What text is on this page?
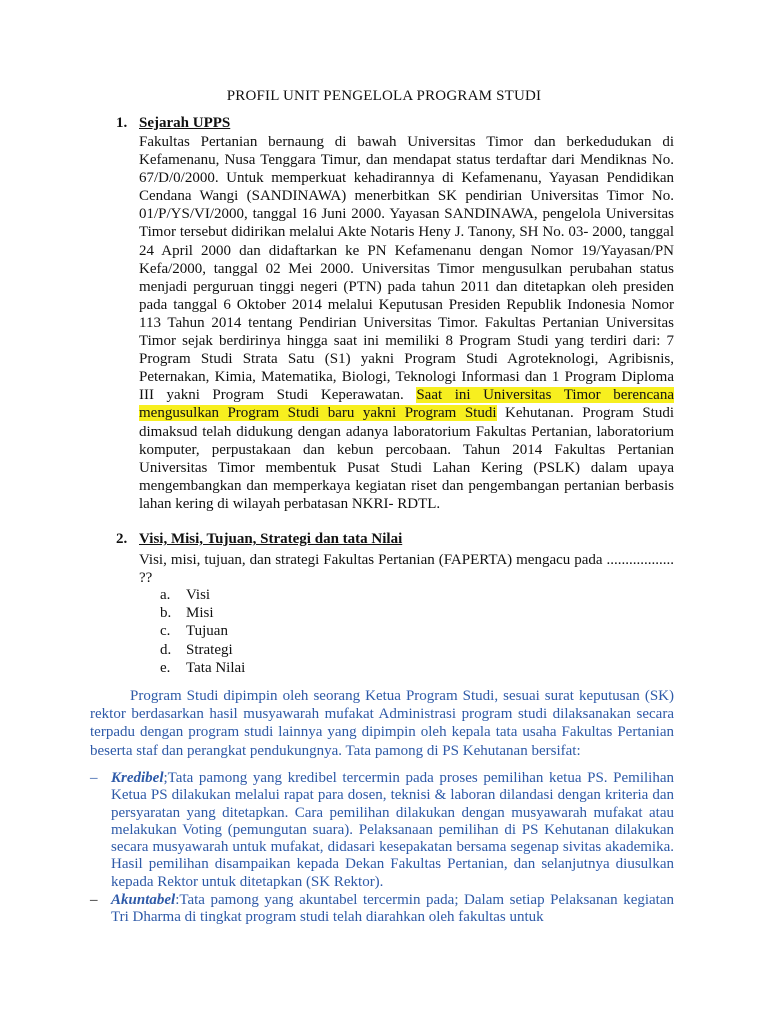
PROFIL UNIT PENGELOLA PROGRAM STUDI
1. Sejarah UPPS
Fakultas Pertanian bernaung di bawah Universitas Timor dan berkedudukan di Kefamenanu, Nusa Tenggara Timur, dan mendapat status terdaftar dari Mendiknas No. 67/D/0/2000. Untuk memperkuat kehadirannya di Kefamenanu, Yayasan Pendidikan Cendana Wangi (SANDINAWA) menerbitkan SK pendirian Universitas Timor No. 01/P/YS/VI/2000, tanggal 16 Juni 2000. Yayasan SANDINAWA, pengelola Universitas Timor tersebut didirikan melalui Akte Notaris Heny J. Tanony, SH No. 03- 2000, tanggal 24 April 2000 dan didaftarkan ke PN Kefamenanu dengan Nomor 19/Yayasan/PN Kefa/2000, tanggal 02 Mei 2000. Universitas Timor mengusulkan perubahan status menjadi perguruan tinggi negeri (PTN) pada tahun 2011 dan ditetapkan oleh presiden pada tanggal 6 Oktober 2014 melalui Keputusan Presiden Republik Indonesia Nomor 113 Tahun 2014 tentang Pendirian Universitas Timor. Fakultas Pertanian Universitas Timor sejak berdirinya hingga saat ini memiliki 8 Program Studi yang terdiri dari: 7 Program Studi Strata Satu (S1) yakni Program Studi Agroteknologi, Agribisnis, Peternakan, Kimia, Matematika, Biologi, Teknologi Informasi dan 1 Program Diploma III yakni Program Studi Keperawatan. Saat ini Universitas Timor berencana mengusulkan Program Studi baru yakni Program Studi Kehutanan. Program Studi dimaksud telah didukung dengan adanya laboratorium Fakultas Pertanian, laboratorium komputer, perpustakaan dan kebun percobaan. Tahun 2014 Fakultas Pertanian Universitas Timor membentuk Pusat Studi Lahan Kering (PSLK) dalam upaya mengembangkan dan memperkaya kegiatan riset dan pengembangan pertanian berbasis lahan kering di wilayah perbatasan NKRI- RDTL.
2. Visi, Misi, Tujuan, Strategi dan tata Nilai
Visi, misi, tujuan, dan strategi Fakultas Pertanian (FAPERTA) mengacu pada .................. ??
a. Visi
b. Misi
c. Tujuan
d. Strategi
e. Tata Nilai
Program Studi dipimpin oleh seorang Ketua Program Studi, sesuai surat keputusan (SK) rektor berdasarkan hasil musyawarah mufakat Administrasi program studi dilaksanakan secara terpadu dengan program studi lainnya yang dipimpin oleh kepala tata usaha Fakultas Pertanian beserta staf dan perangkat pendukungnya. Tata pamong di PS Kehutanan bersifat:
– Kredibel;Tata pamong yang kredibel tercermin pada proses pemilihan ketua PS. Pemilihan Ketua PS dilakukan melalui rapat para dosen, teknisi & laboran dilandasi dengan kriteria dan persyaratan yang ditetapkan. Cara pemilihan dilakukan dengan musyawarah mufakat atau melakukan Voting (pemungutan suara). Pelaksanaan pemilihan di PS Kehutanan dilakukan secara musyawarah untuk mufakat, didasari kesepakatan bersama segenap sivitas akademika. Hasil pemilihan disampaikan kepada Dekan Fakultas Pertanian, dan selanjutnya diusulkan kepada Rektor untuk ditetapkan (SK Rektor).
– Akuntabel:Tata pamong yang akuntabel tercermin pada; Dalam setiap Pelaksanan kegiatan Tri Dharma di tingkat program studi telah diarahkan oleh fakultas untuk
